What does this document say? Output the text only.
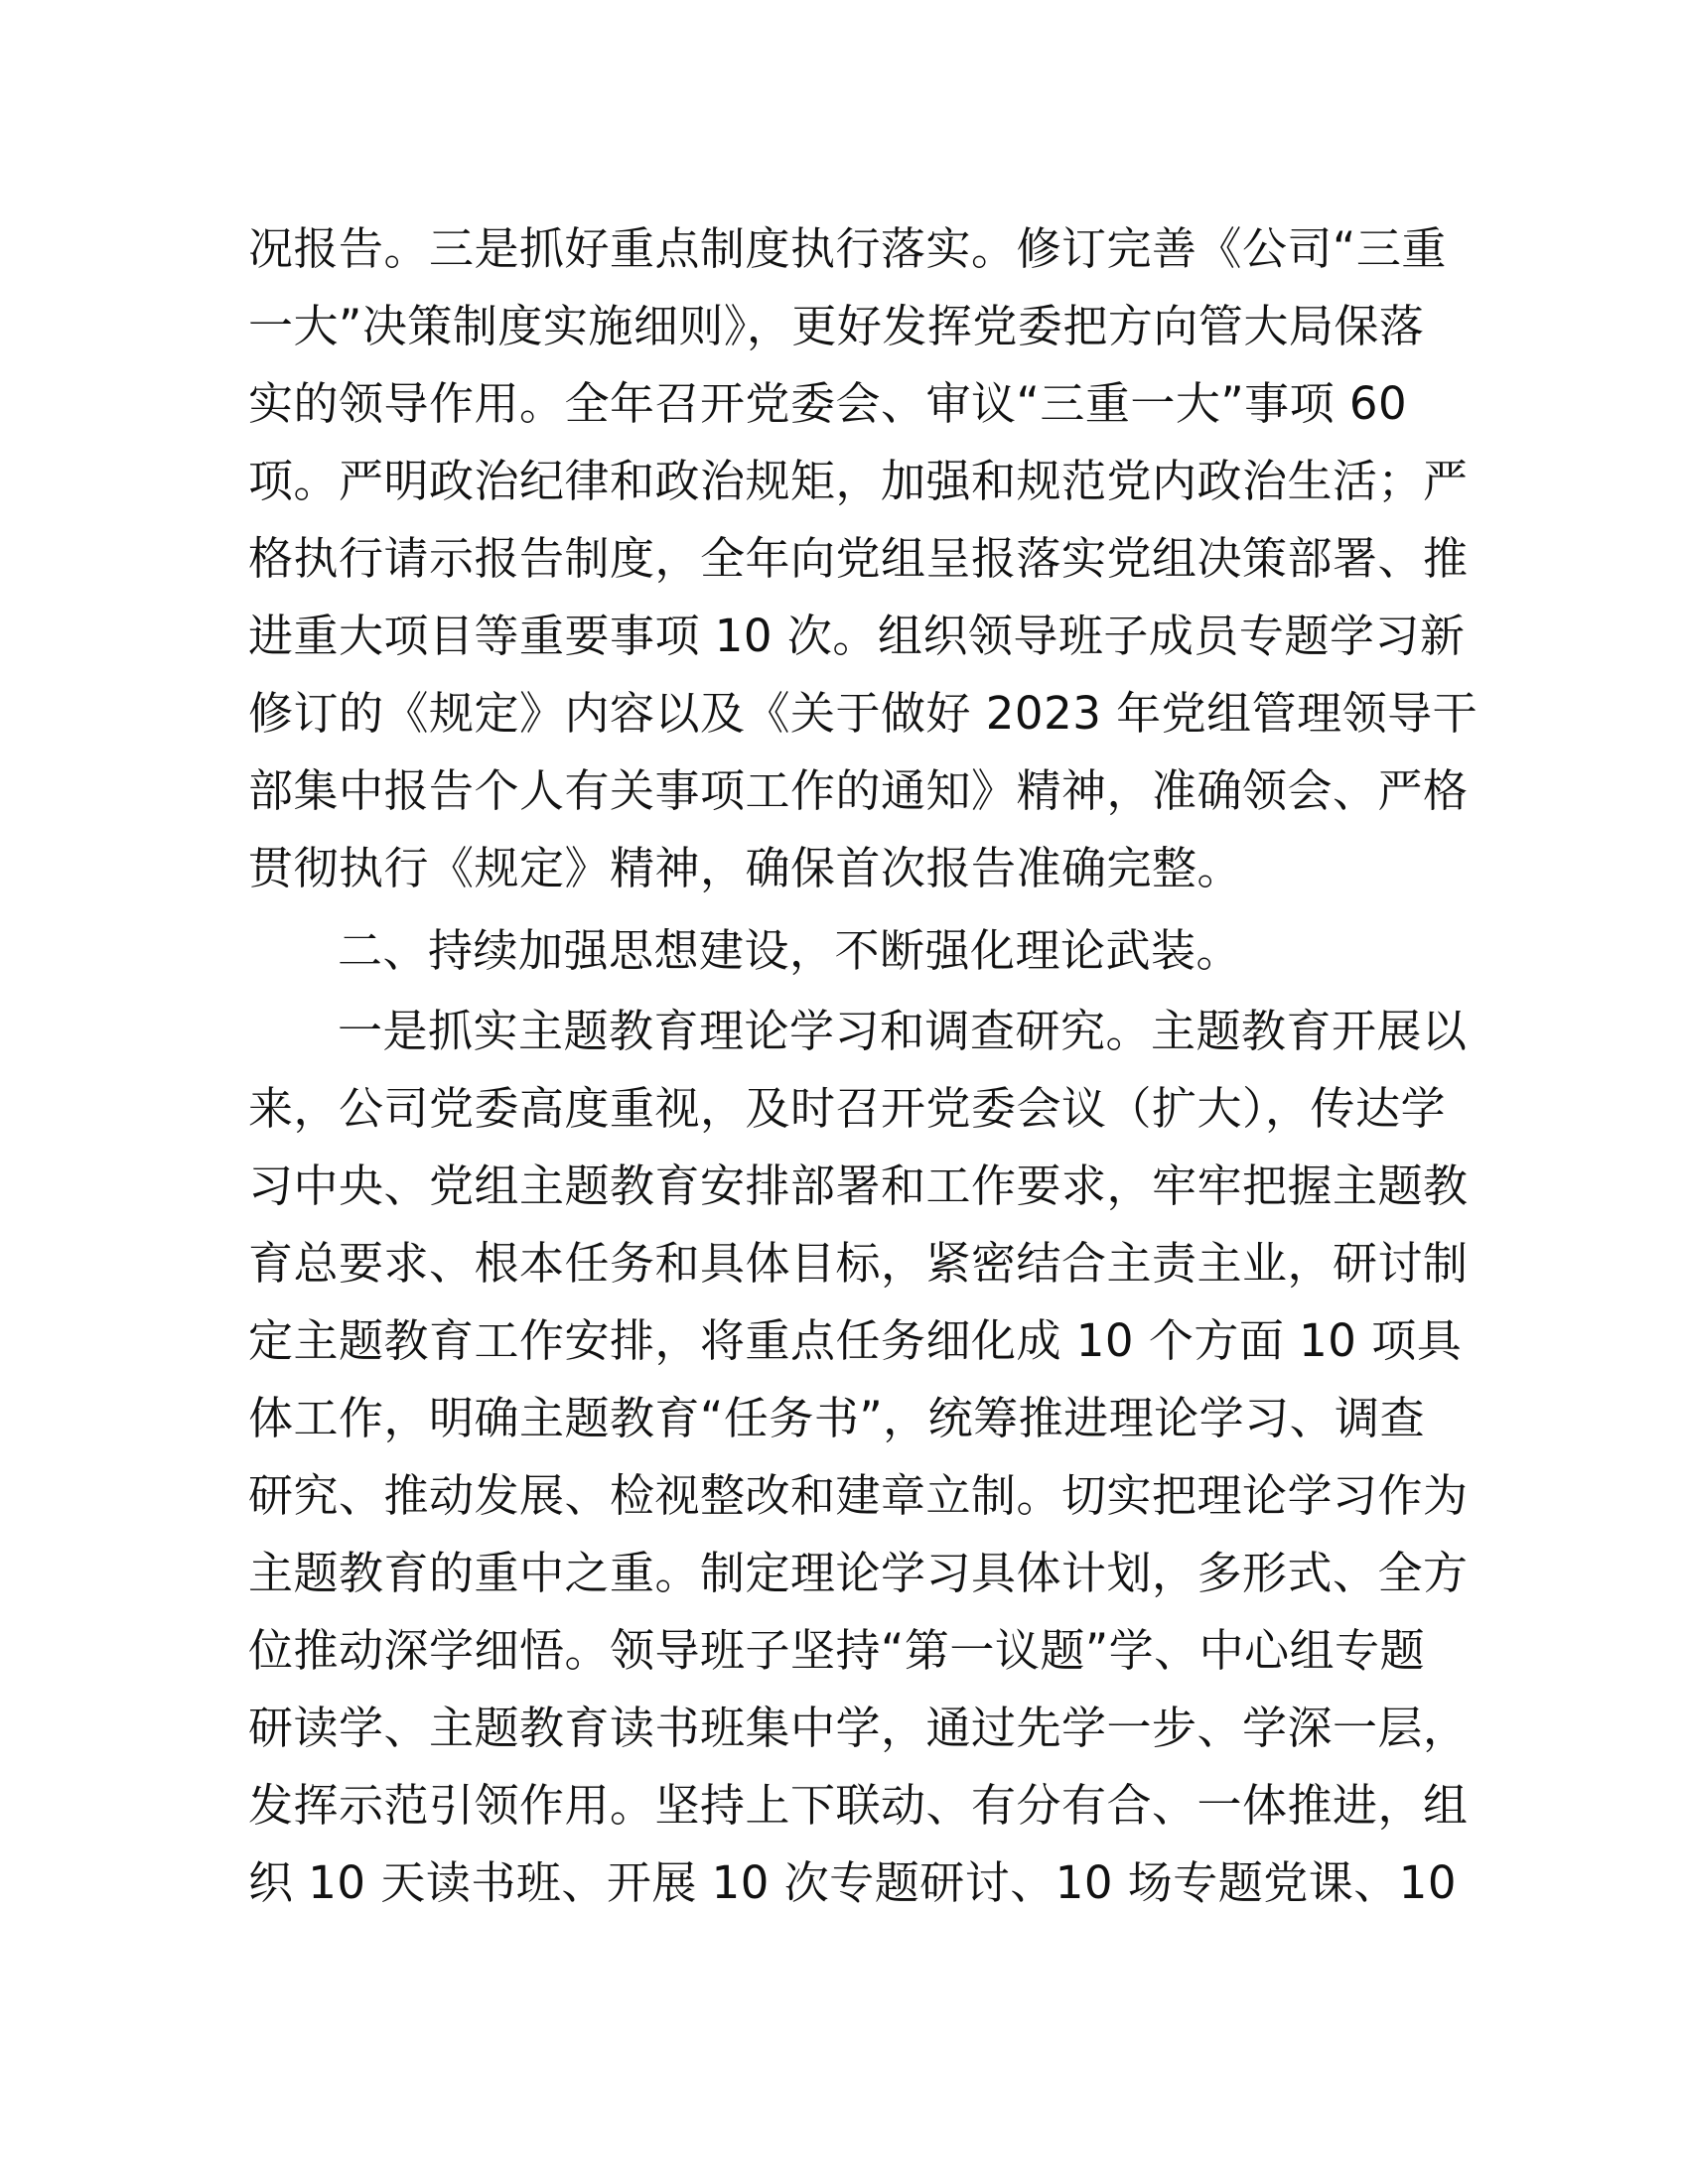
况报告。三是抓好重点制度执行落实。修订完善《公司“三重
一大”决策制度实施细则》，更好发挥党委把方向管大局保落
实的领导作用。全年召开党委会、审议“三重一大”事项 60
项。严明政治纪律和政治规矩，加强和规范党内政治生活；严
格执行请示报告制度，全年向党组呈报落实党组决策部署、推
进重大项目等重要事项 10 次。组织领导班子成员专题学习新
修订的《规定》内容以及《关于做好 2023 年党组管理领导干
部集中报告个人有关事项工作的通知》精神，准确领会、严格
贯彻执行《规定》精神，确保首次报告准确完整。
二、持续加强思想建设，不断强化理论武装。
一是抓实主题教育理论学习和调查研究。主题教育开展以
来，公司党委高度重视，及时召开党委会议（扩大），传达学
习中央、党组主题教育安排部署和工作要求，牢牢把握主题教
育总要求、根本任务和具体目标，紧密结合主责主业，研讨制
定主题教育工作安排，将重点任务细化成 10 个方面 10 项具
体工作，明确主题教育“任务书”，统筹推进理论学习、调查
研究、推动发展、检视整改和建章立制。切实把理论学习作为
主题教育的重中之重。制定理论学习具体计划，多形式、全方
位推动深学细悟。领导班子坚持“第一议题”学、中心组专题
研读学、主题教育读书班集中学，通过先学一步、学深一层，
发挥示范引领作用。坚持上下联动、有分有合、一体推进，组
织 10 天读书班、开展 10 次专题研讨、10 场专题党课、10
